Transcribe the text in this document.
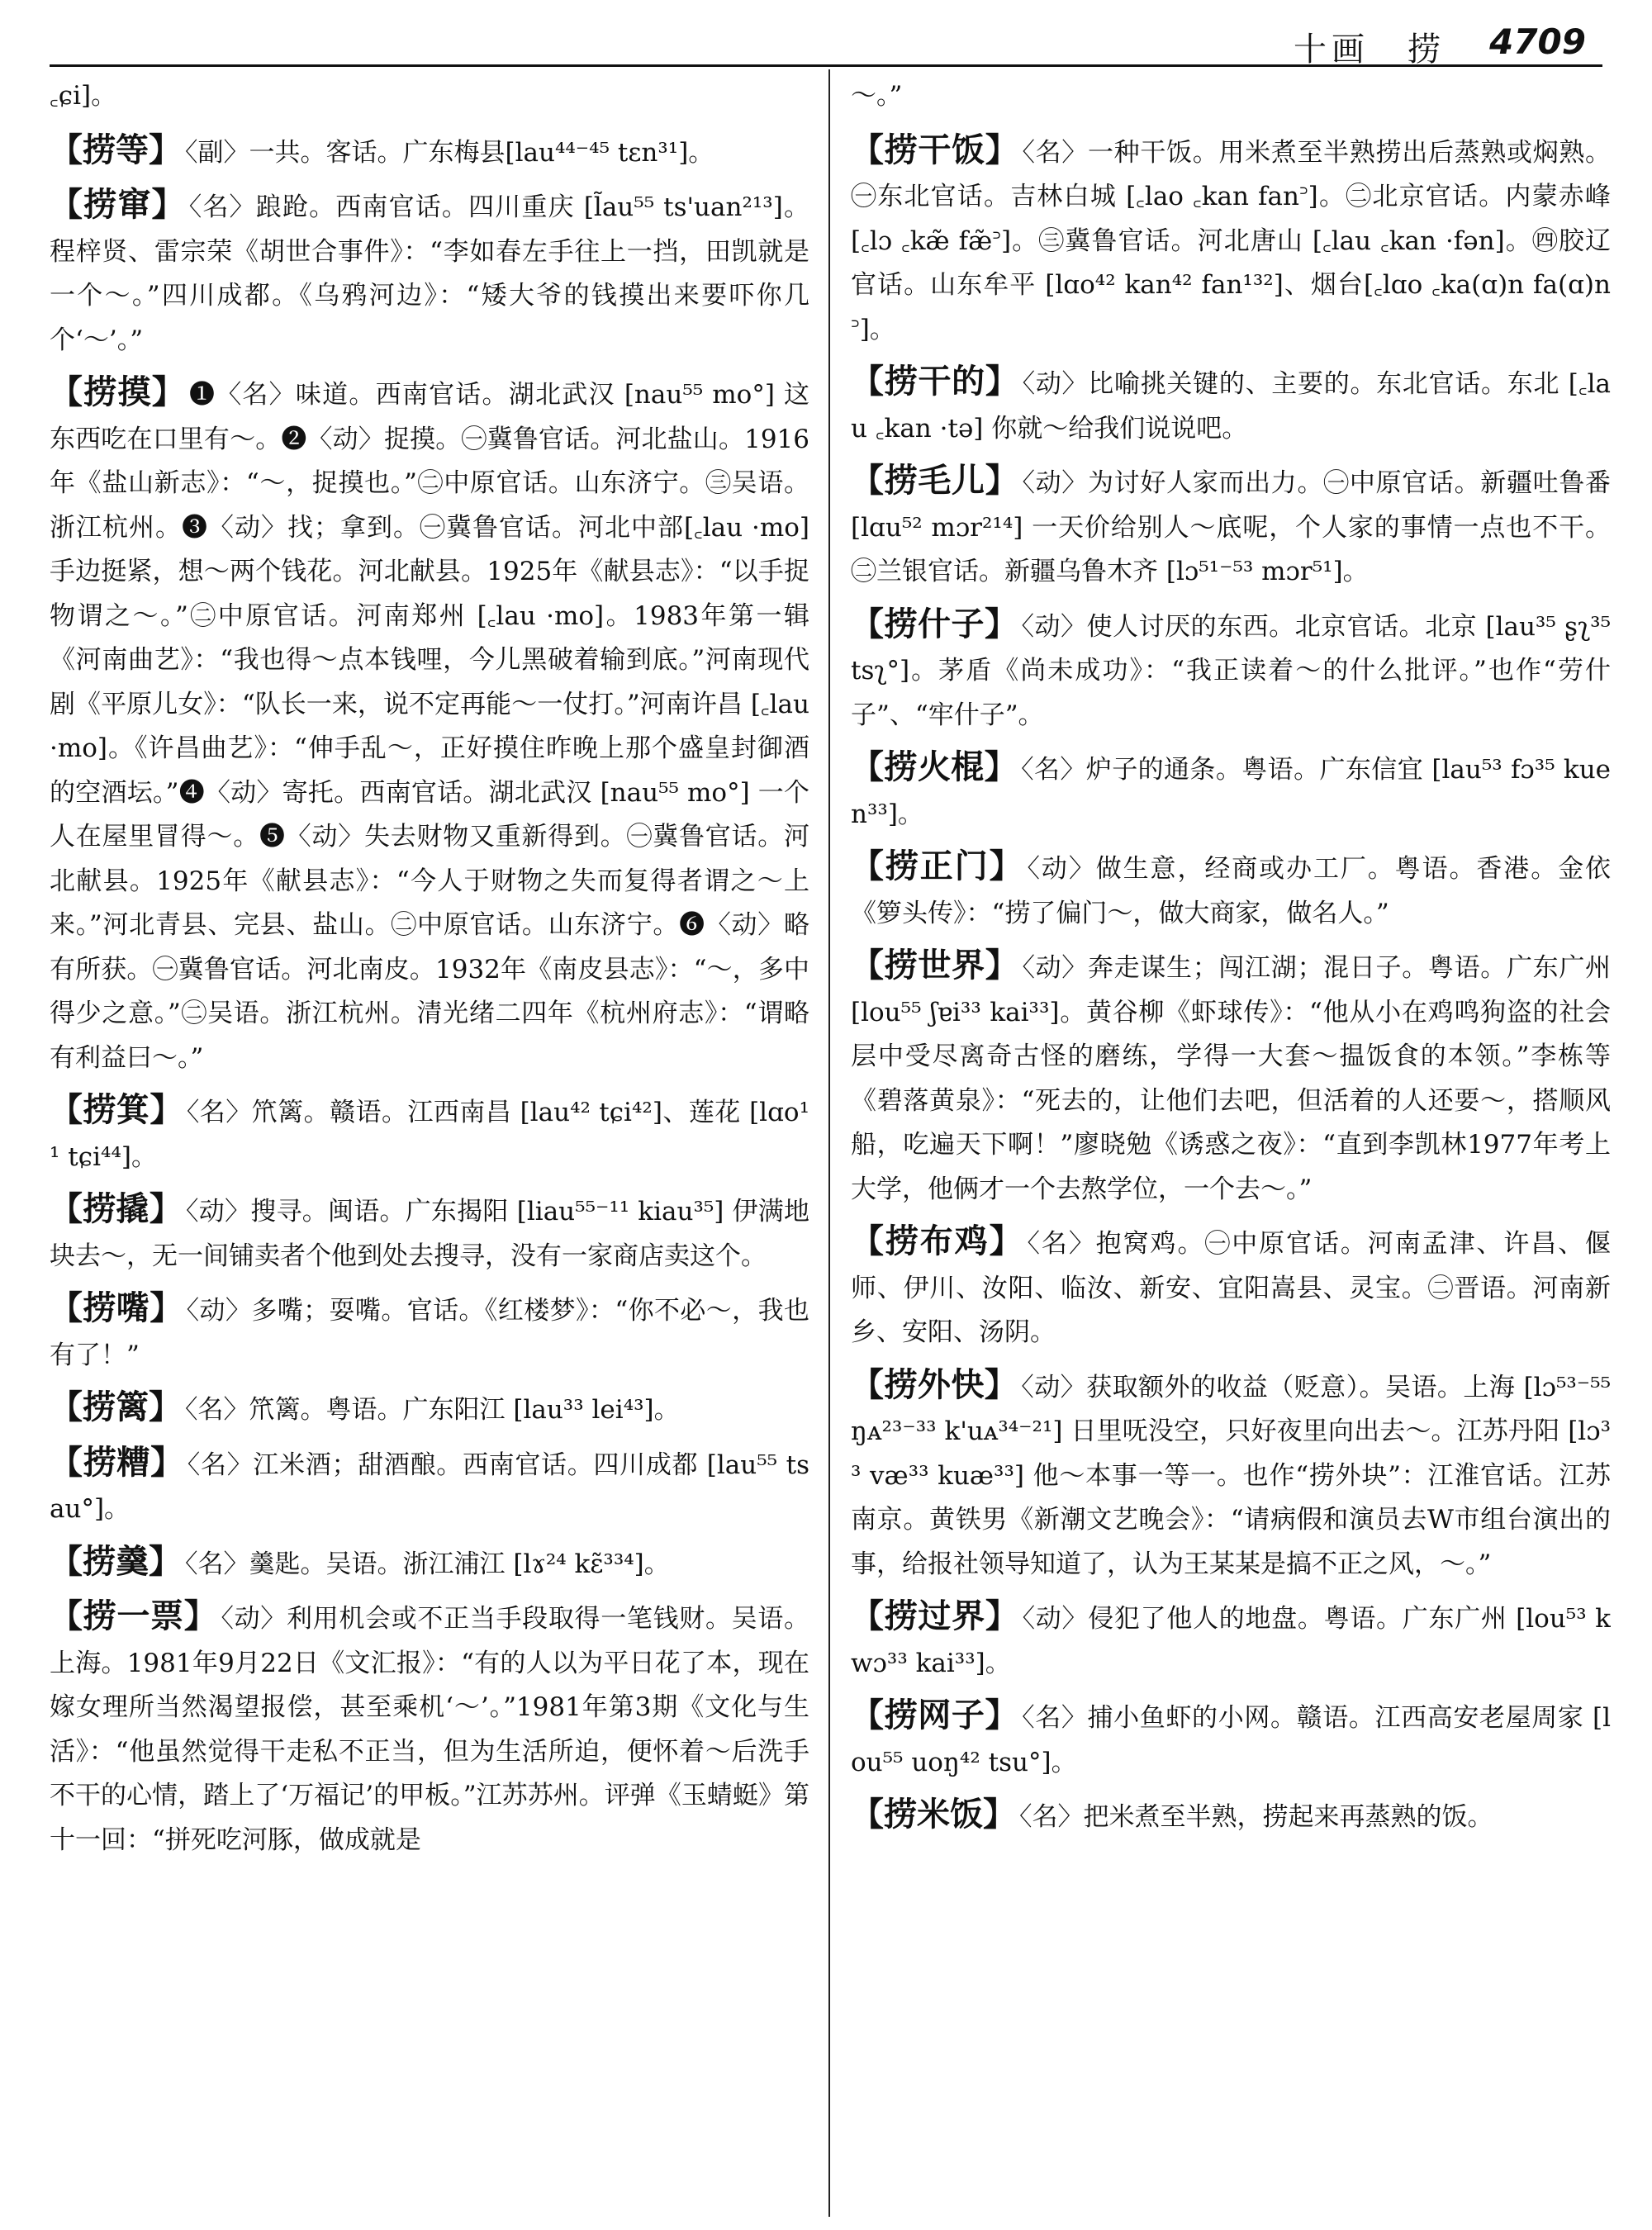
十画　捞 4709

꜀ɕi]。

【捞等】 〈副〉一共。客话。广东梅县[lau⁴⁴⁻⁴⁵ tɛn³¹]。

【捞窜】 〈名〉踉跄。西南官话。四川重庆 [l̃au⁵⁵ ts'uan²¹³]。程梓贤、雷宗荣《胡世合事件》：“李如春左手往上一挡，田凯就是一个～。”四川成都。《乌鸦河边》：“矮大爷的钱摸出来要吓你几个‘～’。”

【捞摸】 ❶〈名〉味道。西南官话。湖北武汉 [nau⁵⁵ mo°] 这东西吃在口里有～。❷〈动〉捉摸。㊀冀鲁官话。河北盐山。1916年《盐山新志》：“～，捉摸也。”㊁中原官话。山东济宁。㊂吴语。浙江杭州。❸〈动〉找；拿到。㊀冀鲁官话。河北中部[꜀lau ·mo] 手边挺紧，想～两个钱花。河北献县。1925年《献县志》：“以手捉物谓之～。”㊁中原官话。河南郑州 [꜀lau ·mo]。1983年第一辑《河南曲艺》：“我也得～点本钱哩，今儿黑破着输到底。”河南现代剧《平原儿女》：“队长一来，说不定再能～一仗打。”河南许昌 [꜀lau ·mo]。《许昌曲艺》：“伸手乱～，正好摸住昨晚上那个盛皇封御酒的空酒坛。”❹〈动〉寄托。西南官话。湖北武汉 [nau⁵⁵ mo°] 一个人在屋里冒得～。❺〈动〉失去财物又重新得到。㊀冀鲁官话。河北献县。1925年《献县志》：“今人于财物之失而复得者谓之～上来。”河北青县、完县、盐山。㊁中原官话。山东济宁。❻〈动〉略有所获。㊀冀鲁官话。河北南皮。1932年《南皮县志》：“～，多中得少之意。”㊁吴语。浙江杭州。清光绪二四年《杭州府志》：“谓略有利益曰～。”

【捞箕】 〈名〉笊篱。赣语。江西南昌 [lau⁴² tɕi⁴²]、莲花 [lɑo¹¹ tɕi⁴⁴]。

【捞撬】 〈动〉搜寻。闽语。广东揭阳 [liau⁵⁵⁻¹¹ kiau³⁵] 伊满地块去～，无一间铺卖者个他到处去搜寻，没有一家商店卖这个。

【捞嘴】 〈动〉多嘴；耍嘴。官话。《红楼梦》：“你不必～，我也有了！”

【捞篱】 〈名〉笊篱。粤语。广东阳江 [lau³³ lei⁴³]。

【捞糟】 〈名〉江米酒；甜酒酿。西南官话。四川成都 [lau⁵⁵ tsau°]。

【捞羹】 〈名〉羹匙。吴语。浙江浦江 [lɤ²⁴ kɛ̃³³⁴]。

【捞一票】 〈动〉利用机会或不正当手段取得一笔钱财。吴语。上海。1981年9月22日《文汇报》：“有的人以为平日花了本，现在嫁女理所当然渴望报偿，甚至乘机‘～’。”1981年第3期《文化与生活》：“他虽然觉得干走私不正当，但为生活所迫，便怀着～后洗手不干的心情，踏上了‘万福记’的甲板。”江苏苏州。评弹《玉蜻蜓》第十一回：“拼死吃河豚，做成就是

～。”

【捞干饭】 〈名〉一种干饭。用米煮至半熟捞出后蒸熟或焖熟。㊀东北官话。吉林白城 [꜀lao ꜀kan fan꜄]。㊁北京官话。内蒙赤峰 [꜀lɔ ꜀kæ̃ fæ̃꜄]。㊂冀鲁官话。河北唐山 [꜀lau ꜀kan ·fən]。㊃胶辽官话。山东牟平 [lɑo⁴² kan⁴² fan¹³²]、烟台[꜀lɑo ꜀ka(ɑ)n fa(ɑ)n꜄]。

【捞干的】 〈动〉比喻挑关键的、主要的。东北官话。东北 [꜀lau ꜀kan ·tə] 你就～给我们说说吧。

【捞毛儿】 〈动〉为讨好人家而出力。㊀中原官话。新疆吐鲁番 [lɑu⁵² mɔr²¹⁴] 一天价给别人～底呢，个人家的事情一点也不干。㊁兰银官话。新疆乌鲁木齐 [lɔ⁵¹⁻⁵³ mɔr⁵¹]。

【捞什子】 〈动〉使人讨厌的东西。北京官话。北京 [lau³⁵ ʂʅ³⁵ tsʅ°]。茅盾《尚未成功》：“我正读着～的什么批评。”也作“劳什子”、“牢什子”。

【捞火棍】 〈名〉炉子的通条。粤语。广东信宜 [lau⁵³ fɔ³⁵ kuen³³]。

【捞正门】 〈动〉做生意，经商或办工厂。粤语。香港。金依《箩头传》：“捞了偏门～，做大商家，做名人。”

【捞世界】 〈动〉奔走谋生；闯江湖；混日子。粤语。广东广州 [lou⁵⁵ ʃɐi³³ kai³³]。黄谷柳《虾球传》：“他从小在鸡鸣狗盗的社会层中受尽离奇古怪的磨练，学得一大套～揾饭食的本领。”李栋等《碧落黄泉》：“死去的，让他们去吧，但活着的人还要～，搭顺风船，吃遍天下啊！”廖晓勉《诱惑之夜》：“直到李凯林1977年考上大学，他俩才一个去熬学位，一个去～。”

【捞布鸡】 〈名〉抱窝鸡。㊀中原官话。河南孟津、许昌、偃师、伊川、汝阳、临汝、新安、宜阳嵩县、灵宝。㊁晋语。河南新乡、安阳、汤阴。

【捞外快】 〈动〉获取额外的收益（贬意）。吴语。上海 [lɔ⁵³⁻⁵⁵ ŋᴀ²³⁻³³ k'uᴀ³⁴⁻²¹] 日里呒没空，只好夜里向出去～。江苏丹阳 [lɔ³³ væ³³ kuæ³³] 他～本事一等一。也作“捞外块”：江淮官话。江苏南京。黄铁男《新潮文艺晚会》：“请病假和演员去W市组台演出的事，给报社领导知道了，认为王某某是搞不正之风，～。”

【捞过界】 〈动〉侵犯了他人的地盘。粤语。广东广州 [lou⁵³ kwɔ³³ kai³³]。

【捞网子】 〈名〉捕小鱼虾的小网。赣语。江西高安老屋周家 [lou⁵⁵ uoŋ⁴² tsu°]。

【捞米饭】 〈名〉把米煮至半熟，捞起来再蒸熟的饭。
